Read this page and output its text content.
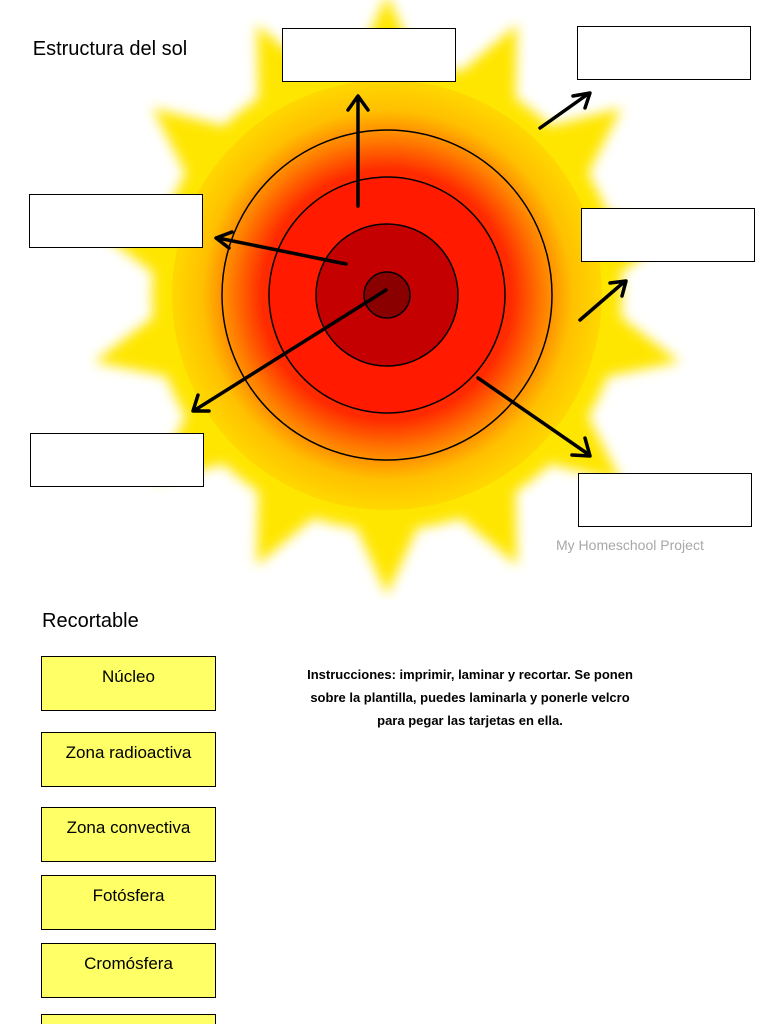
Estructura del sol
My Homeschool Project
Recortable
Núcleo
Zona radioactiva
Zona convectiva
Fotósfera
Cromósfera
Instrucciones: imprimir, laminar y recortar. Se ponen sobre la plantilla, puedes laminarla y ponerle velcro para pegar las tarjetas en ella.
